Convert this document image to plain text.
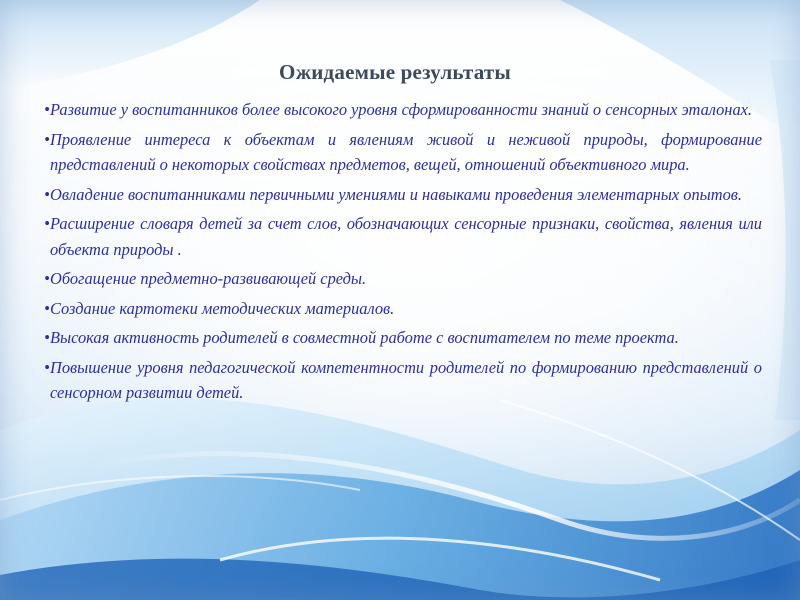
Ожидаемые результаты
•
Развитие у воспитанников более высокого уровня сформированности знаний о сенсорных эталонах.
•
Проявление интереса к объектам и явлениям живой и неживой природы, формирование представлений о некоторых свойствах предметов, вещей, отношений объективного мира.
•
Овладение воспитанниками первичными умениями и навыками проведения элементарных опытов.
•
Расширение словаря детей за счет слов, обозначающих сенсорные признаки, свойства, явления или объекта природы .
•
Обогащение предметно-развивающей среды.
•
Создание картотеки методических материалов.
•
Высокая активность родителей в совместной работе с воспитателем по теме проекта.
•
Повышение уровня педагогической компетентности родителей по формированию представлений о сенсорном развитии детей.
